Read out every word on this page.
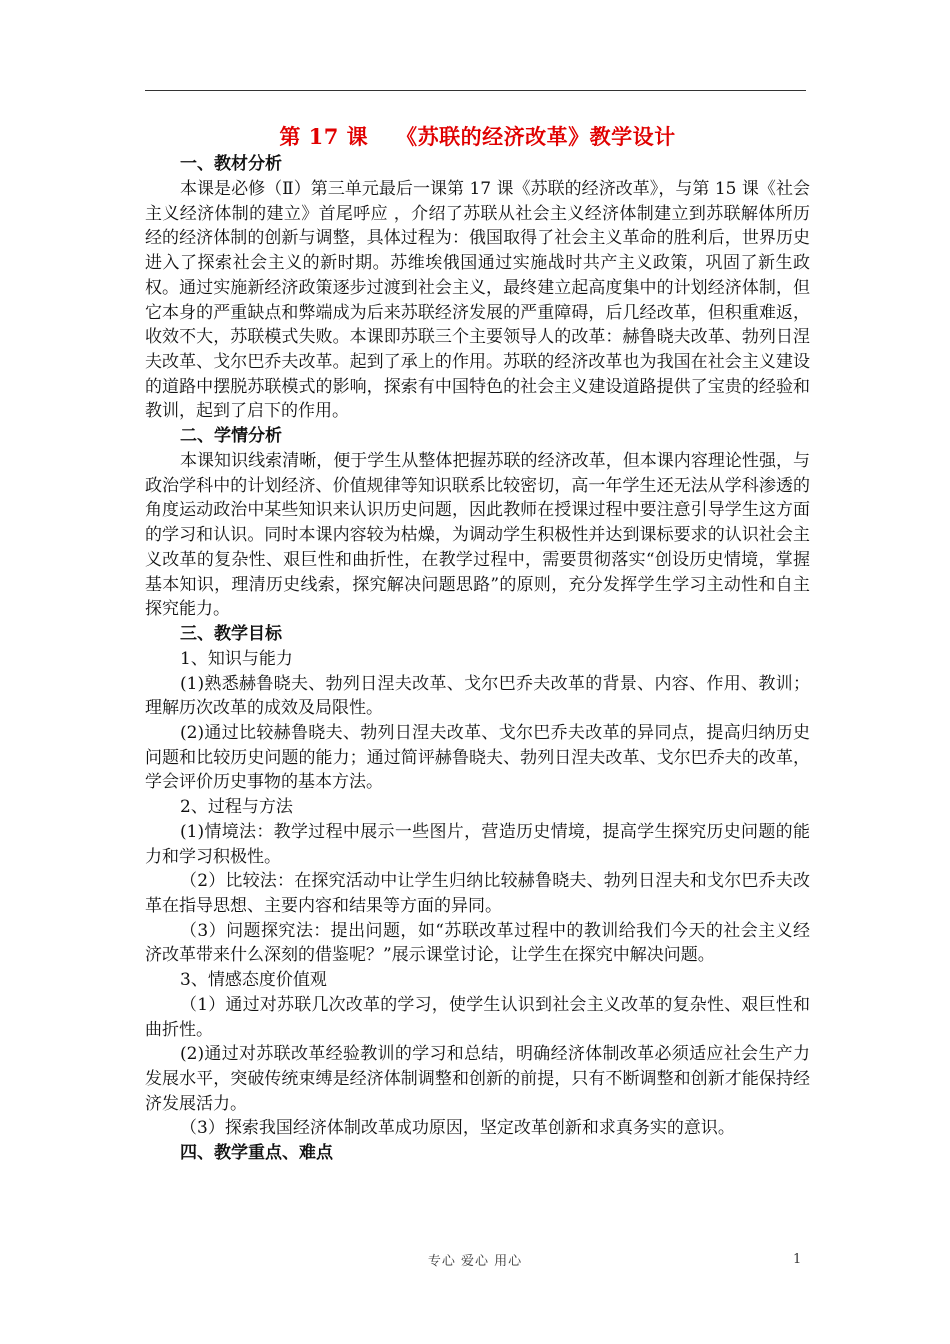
第 17 课 《苏联的经济改革》教学设计

一、教材分析

本课是必修（Ⅱ）第三单元最后一课第 17 课《苏联的经济改革》，与第 15 课《社会主义经济体制的建立》首尾呼应 ，介绍了苏联从社会主义经济体制建立到苏联解体所历经的经济体制的创新与调整，具体过程为：俄国取得了社会主义革命的胜利后，世界历史进入了探索社会主义的新时期。苏维埃俄国通过实施战时共产主义政策，巩固了新生政权。通过实施新经济政策逐步过渡到社会主义，最终建立起高度集中的计划经济体制，但它本身的严重缺点和弊端成为后来苏联经济发展的严重障碍，后几经改革，但积重难返，收效不大，苏联模式失败。本课即苏联三个主要领导人的改革：赫鲁晓夫改革、勃列日涅夫改革、戈尔巴乔夫改革。起到了承上的作用。苏联的经济改革也为我国在社会主义建设的道路中摆脱苏联模式的影响，探索有中国特色的社会主义建设道路提供了宝贵的经验和教训，起到了启下的作用。

二、学情分析

本课知识线索清晰，便于学生从整体把握苏联的经济改革，但本课内容理论性强，与政治学科中的计划经济、价值规律等知识联系比较密切，高一年学生还无法从学科渗透的角度运动政治中某些知识来认识历史问题，因此教师在授课过程中要注意引导学生这方面的学习和认识。同时本课内容较为枯燥，为调动学生积极性并达到课标要求的认识社会主义改革的复杂性、艰巨性和曲折性，在教学过程中，需要贯彻落实“创设历史情境，掌握基本知识，理清历史线索，探究解决问题思路”的原则，充分发挥学生学习主动性和自主探究能力。

三、教学目标

1、知识与能力

(1)熟悉赫鲁晓夫、勃列日涅夫改革、戈尔巴乔夫改革的背景、内容、作用、教训；理解历次改革的成效及局限性。

(2)通过比较赫鲁晓夫、勃列日涅夫改革、戈尔巴乔夫改革的异同点，提高归纳历史问题和比较历史问题的能力；通过简评赫鲁晓夫、勃列日涅夫改革、戈尔巴乔夫的改革，学会评价历史事物的基本方法。

2、过程与方法

(1)情境法：教学过程中展示一些图片，营造历史情境，提高学生探究历史问题的能力和学习积极性。

（2）比较法：在探究活动中让学生归纳比较赫鲁晓夫、勃列日涅夫和戈尔巴乔夫改革在指导思想、主要内容和结果等方面的异同。

（3）问题探究法：提出问题，如“苏联改革过程中的教训给我们今天的社会主义经济改革带来什么深刻的借鉴呢？”展示课堂讨论，让学生在探究中解决问题。

3、情感态度价值观

（1）通过对苏联几次改革的学习，使学生认识到社会主义改革的复杂性、艰巨性和曲折性。

(2)通过对苏联改革经验教训的学习和总结，明确经济体制改革必须适应社会生产力发展水平，突破传统束缚是经济体制调整和创新的前提，只有不断调整和创新才能保持经济发展活力。

（3）探索我国经济体制改革成功原因，坚定改革创新和求真务实的意识。

四、教学重点、难点

专心 爱心 用心	1
